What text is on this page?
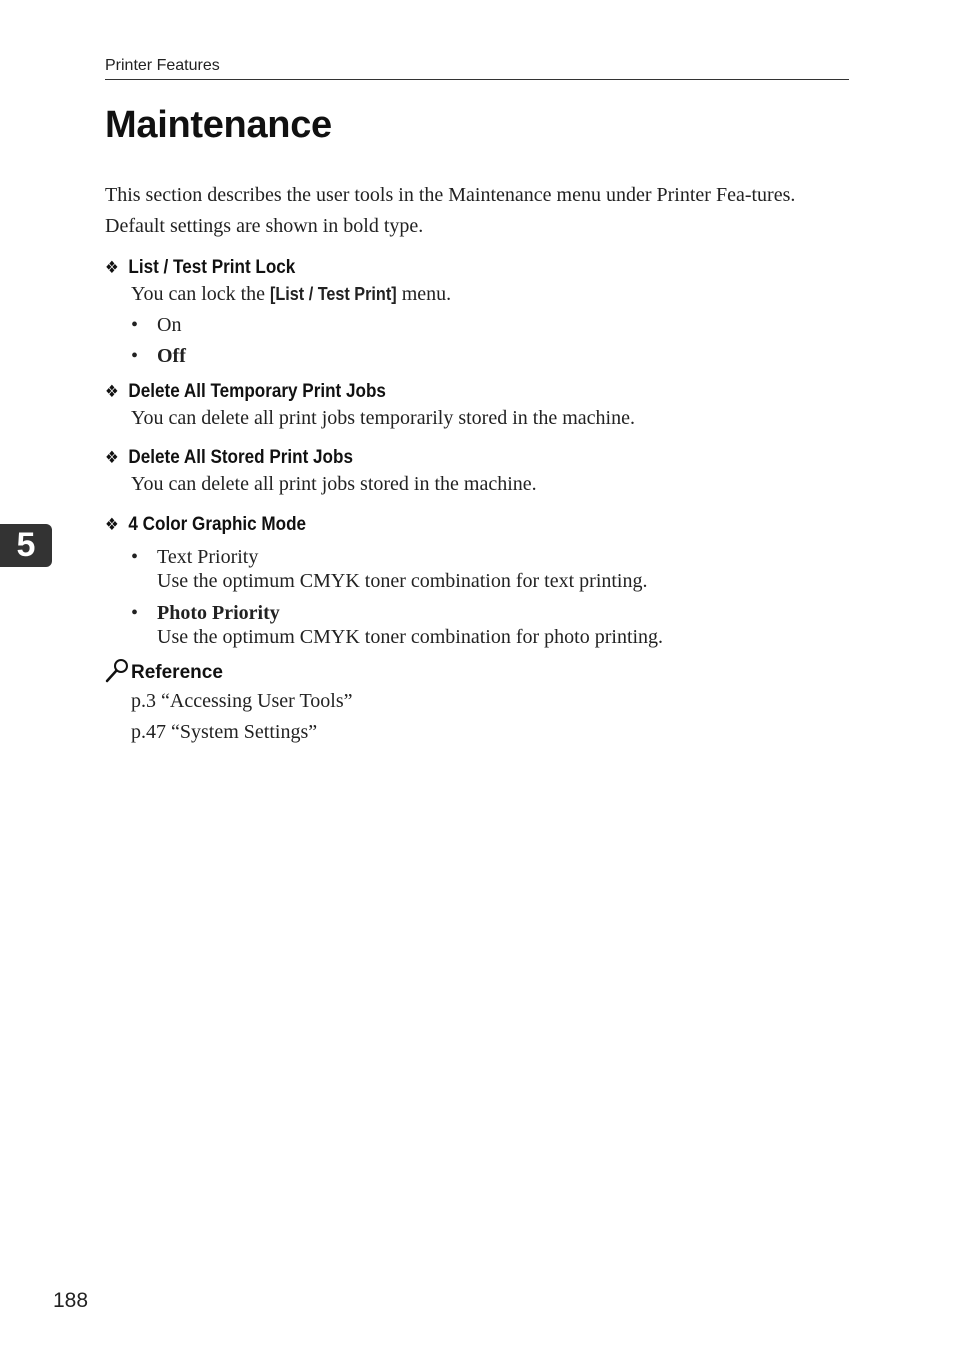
Printer Features
Maintenance

This section describes the user tools in the Maintenance menu under Printer Fea-tures.

Default settings are shown in bold type.

❖ List / Test Print Lock
You can lock the [List / Test Print] menu.
• On
• Off
❖ Delete All Temporary Print Jobs
You can delete all print jobs temporarily stored in the machine.
❖ Delete All Stored Print Jobs
You can delete all print jobs stored in the machine.
❖ 4 Color Graphic Mode
• Text Priority
Use the optimum CMYK toner combination for text printing.
• Photo Priority
Use the optimum CMYK toner combination for photo printing.
Reference
p.3 “Accessing User Tools”
p.47 “System Settings”
5
188
